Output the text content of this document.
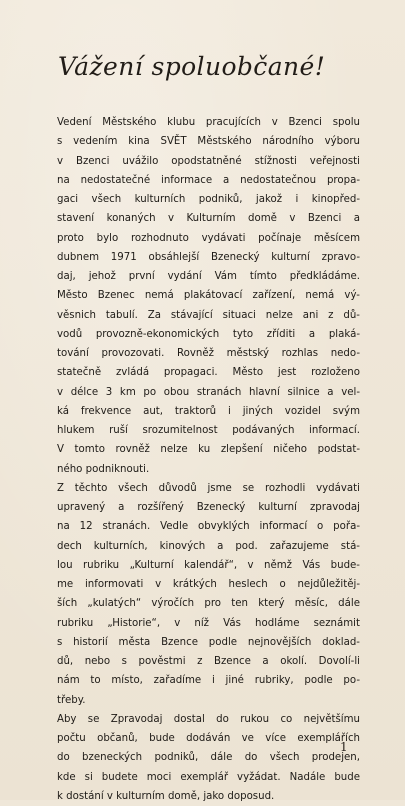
Vážení spoluobčané!
Vedení Městského klubu pracujících v Bzenci spolu
s vedením kina SVĚT Městského národního výboru
v Bzenci uvážilo opodstatněné stížnosti veřejnosti
na nedostatečné informace a nedostatečnou propa-
gaci všech kulturních podniků, jakož i kinopřed-
stavení konaných v Kulturním domě v Bzenci a
proto bylo rozhodnuto vydávati počínaje měsícem
dubnem 1971 obsáhlejší Bzenecký kulturní zpravo-
daj, jehož první vydání Vám tímto předkládáme.
Město Bzenec nemá plakátovací zařízení, nemá vý-
věsnich tabulí. Za stávající situaci nelze ani z dů-
vodů provozně-ekonomických tyto zříditi a plaká-
tování provozovati. Rovněž městský rozhlas nedo-
statečně zvládá propagaci. Město jest rozloženo
v délce 3 km po obou stranách hlavní silnice a vel-
ká frekvence aut, traktorů i jiných vozidel svým
hlukem ruší srozumitelnost podávaných informací.
V tomto rovněž nelze ku zlepšení ničeho podstat-
ného podniknouti.
Z těchto všech důvodů jsme se rozhodli vydávati
upravený a rozšířený Bzenecký kulturní zpravodaj
na 12 stranách. Vedle obvyklých informací o pořa-
dech kulturních, kinových a pod. zařazujeme stá-
lou rubriku „Kulturní kalendář“, v němž Vás bude-
me informovati v krátkých heslech o nejdůležitěj-
ších „kulatých“ výročích pro ten který měsíc, dále
rubriku „Historie“, v níž Vás hodláme seznámit
s historií města Bzence podle nejnovějších doklad-
dů, nebo s pověstmi z Bzence a okolí. Dovolí-li
nám to místo, zařadíme i jiné rubriky, podle po-
třeby.
Aby se Zpravodaj dostal do rukou co největšímu
počtu občanů, bude dodáván ve více exemplářích
do bzeneckých podniků, dále do všech prodejen,
kde si budete moci exemplář vyžádat. Nadále bude
k dostání v kulturním domě, jako doposud.
1
